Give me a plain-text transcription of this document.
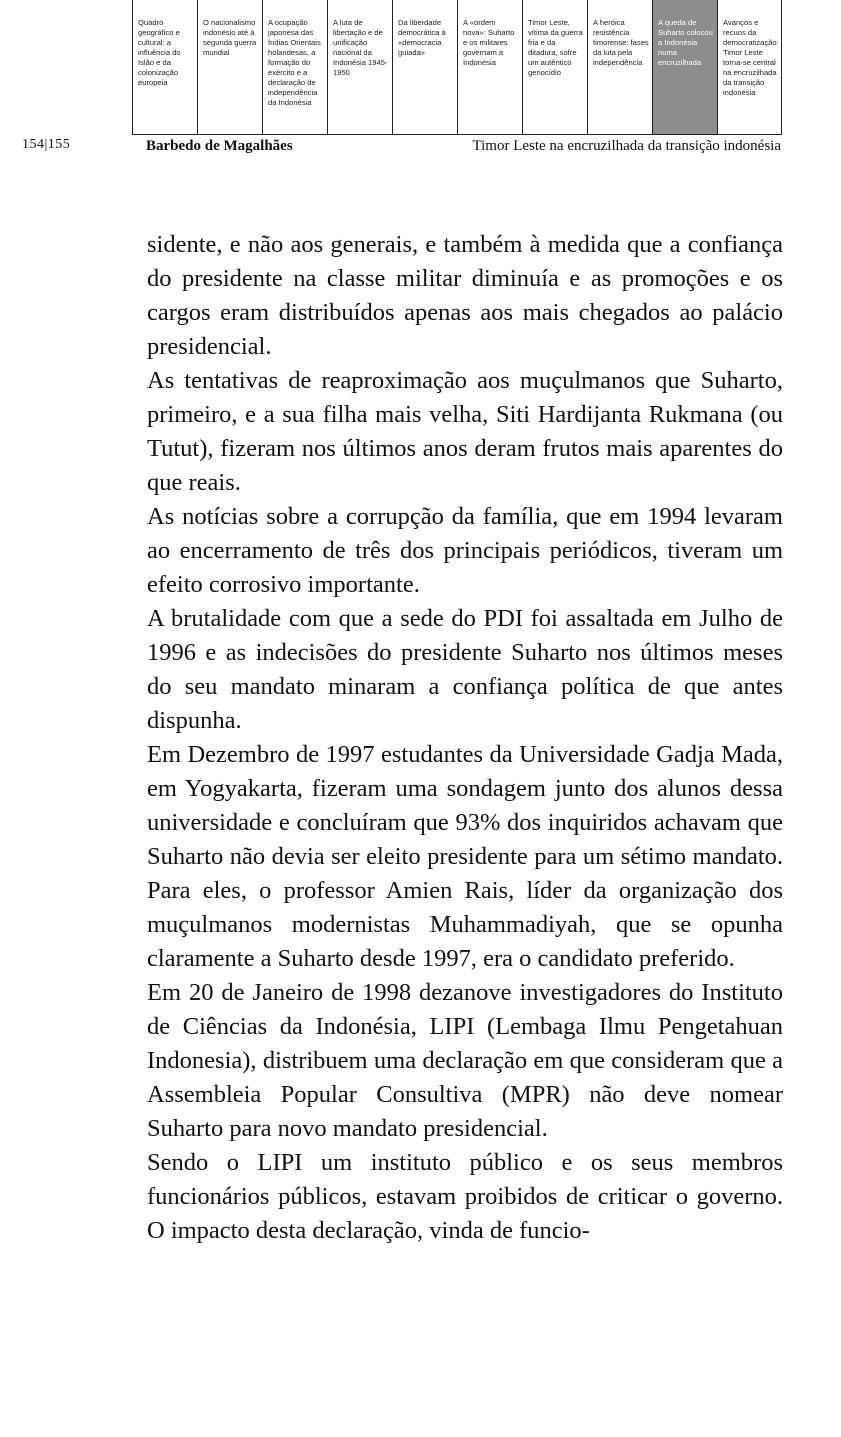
Quadro geográfico e cultural: a influência do Islão e da colonização europeia
O nacionalismo indonésio até à segunda guerra mundial
A ocupação japonesa das Índias Orientais holandesas, a formação do exército e a declaração de independência da Indonésia
A luta de libertação e de unificação nacional da Indonésia 1945-1950
Da liberdade democrática à «democracia guiada»
A «ordem nova»: Suharto e os militares governam a Indonésia
Timor Leste, vítima da guerra fria e da ditadura, sofre um autêntico genocídio
A heróica resistência timorense: fases da luta pela independência
A queda de Suharto colocou a Indonésia numa encruzilhada
Avanços e recuos da democratização: Timor Leste torna-se central na encruzilhada da transição indonésia
154|155	Barbedo de Magalhães	Timor Leste na encruzilhada da transição indonésia

sidente, e não aos generais, e também à medida que a confiança do presidente na classe militar diminuía e as promoções e os cargos eram distribuídos apenas aos mais chegados ao palácio presidencial.

As tentativas de reaproximação aos muçulmanos que Suharto, primeiro, e a sua filha mais velha, Siti Hardijanta Rukmana (ou Tutut), fizeram nos últimos anos deram frutos mais aparentes do que reais.

As notícias sobre a corrupção da família, que em 1994 levaram ao encerramento de três dos principais periódicos, tiveram um efeito corrosivo importante.

A brutalidade com que a sede do PDI foi assaltada em Julho de 1996 e as indecisões do presidente Suharto nos últimos meses do seu mandato minaram a confiança política de que antes dispunha.

Em Dezembro de 1997 estudantes da Universidade Gadja Mada, em Yogyakarta, fizeram uma sondagem junto dos alunos dessa universidade e concluíram que 93% dos inquiridos achavam que Suharto não devia ser eleito presidente para um sétimo mandato. Para eles, o professor Amien Rais, líder da organização dos muçulmanos modernistas Muhammadiyah, que se opunha claramente a Suharto desde 1997, era o candidato preferido.

Em 20 de Janeiro de 1998 dezanove investigadores do Instituto de Ciências da Indonésia, LIPI (Lembaga Ilmu Pengetahuan Indonesia), distribuem uma declaração em que consideram que a Assembleia Popular Consultiva (MPR) não deve nomear Suharto para novo mandato presidencial.

Sendo o LIPI um instituto público e os seus membros funcionários públicos, estavam proibidos de criticar o governo. O impacto desta declaração, vinda de funcio-
